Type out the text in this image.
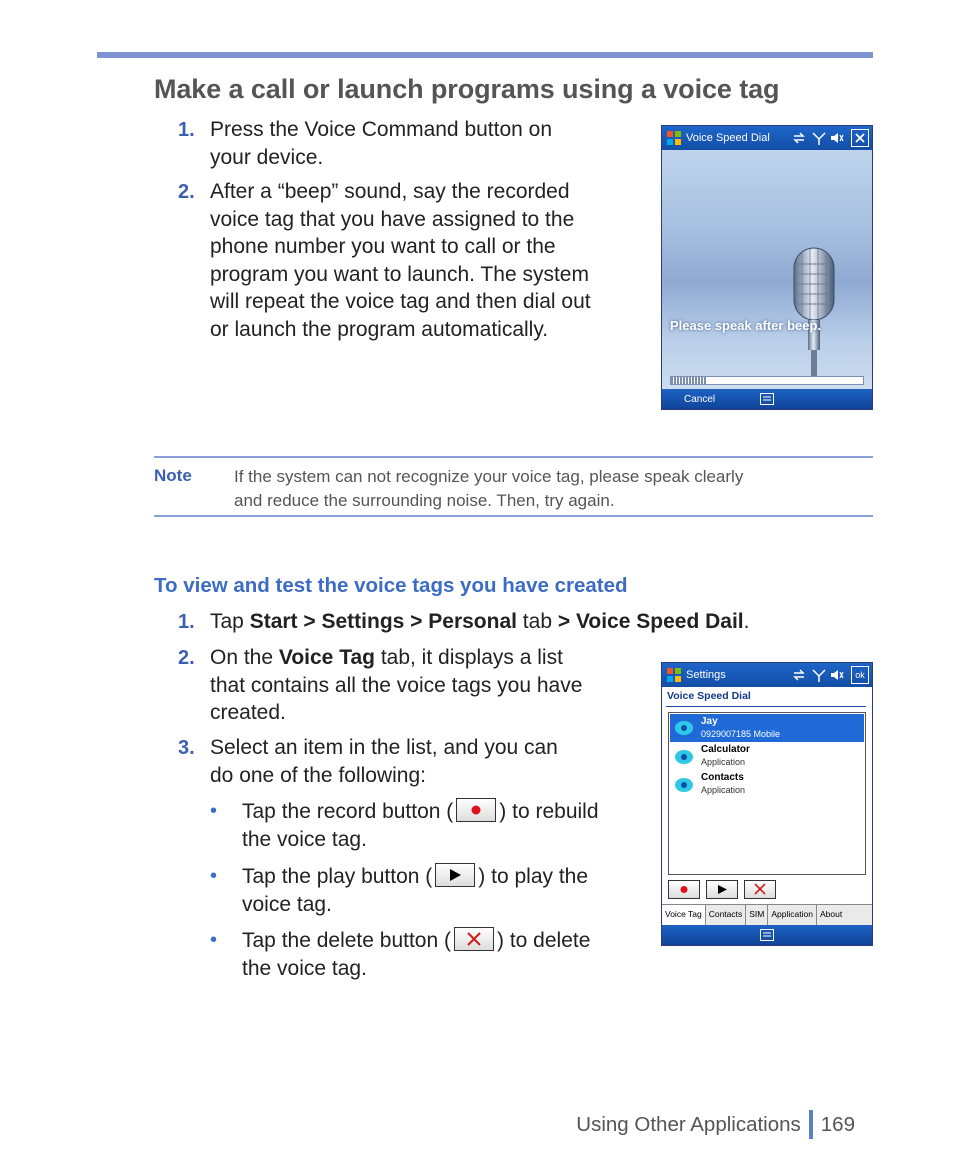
Make a call or launch programs using a voice tag
1. Press the Voice Command button on
your device.
2. After a “beep” sound, say the recorded
voice tag that you have assigned to the
phone number you want to call or the
program you want to launch. The system
will repeat the voice tag and then dial out
or launch the program automatically.
Voice Speed Dial
Please speak after beep.
Cancel
Note If the system can not recognize your voice tag, please speak clearly
and reduce the surrounding noise. Then, try again.
To view and test the voice tags you have created
1. Tap Start > Settings > Personal tab > Voice Speed Dail.
2. On the Voice Tag tab, it displays a list
that contains all the voice tags you have
created.
3. Select an item in the list, and you can
do one of the following:
• Tap the record button ( ) to rebuild
the voice tag.
• Tap the play button ( ) to play the
voice tag.
• Tap the delete button ( ) to delete
the voice tag.
Settings	ok
Voice Speed Dial
Jay
0929007185 Mobile
Calculator
Application
Contacts
Application
Voice Tag Contacts SIM Application About
Using Other Applications 169
